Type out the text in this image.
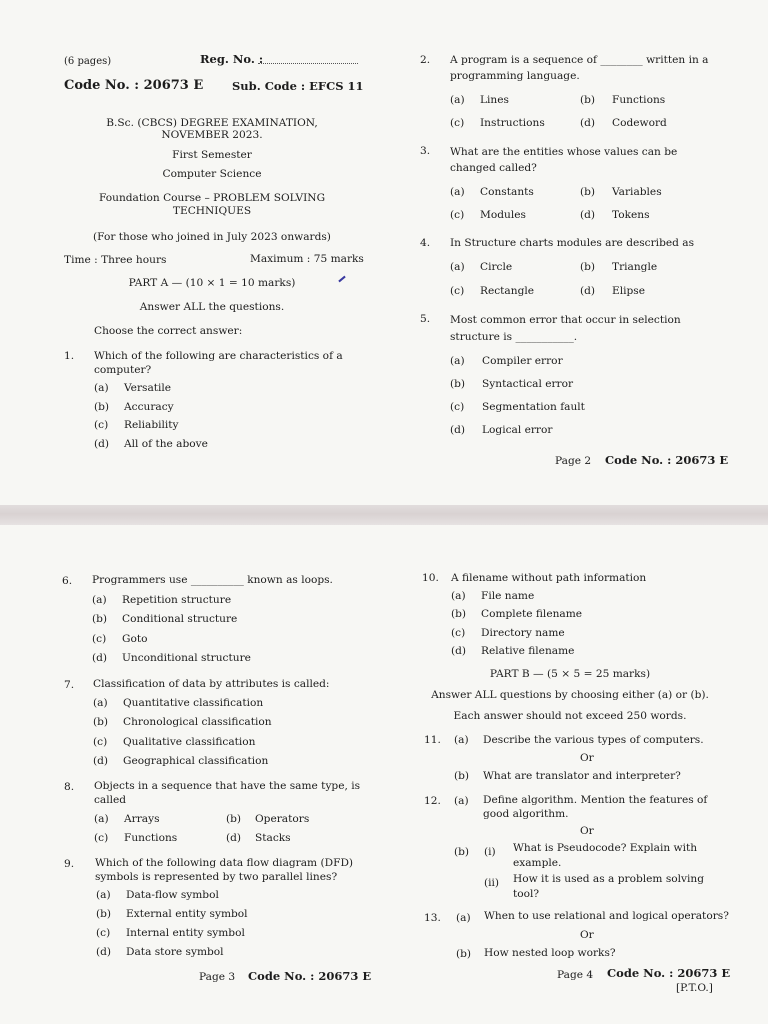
(6 pages)	Reg. No. :
Code No. : 20673 E Sub. Code : EFCS 11
B.Sc. (CBCS) DEGREE EXAMINATION,
NOVEMBER 2023.
First Semester
Computer Science
Foundation Course – PROBLEM SOLVING
TECHNIQUES
(For those who joined in July 2023 onwards)
Time : Three hours	Maximum : 75 marks
PART A — (10 × 1 = 10 marks)
Answer ALL the questions.
Choose the correct answer:
1. Which of the following are characteristics of a
computer?
(a) Versatile
(b) Accuracy
(c) Reliability
(d) All of the above
2. A program is a sequence of ________ written in a
programming language.
(a) Lines	(b) Functions
(c) Instructions	(d) Codeword
3. What are the entities whose values can be
changed called?
(a) Constants	(b) Variables
(c) Modules	(d) Tokens
4. In Structure charts modules are described as
(a) Circle	(b) Triangle
(c) Rectangle	(d) Elipse
5. Most common error that occur in selection
structure is ___________.
(a) Compiler error
(b) Syntactical error
(c) Segmentation fault
(d) Logical error
Page 2 Code No. : 20673 E
6. Programmers use __________ known as loops.
(a) Repetition structure
(b) Conditional structure
(c) Goto
(d) Unconditional structure
7. Classification of data by attributes is called:
(a) Quantitative classification
(b) Chronological classification
(c) Qualitative classification
(d) Geographical classification
8. Objects in a sequence that have the same type, is
called
(a) Arrays	(b) Operators
(c) Functions	(d) Stacks
9. Which of the following data flow diagram (DFD)
symbols is represented by two parallel lines?
(a) Data-flow symbol
(b) External entity symbol
(c) Internal entity symbol
(d) Data store symbol
Page 3 Code No. : 20673 E
10. A filename without path information
(a) File name
(b) Complete filename
(c) Directory name
(d) Relative filename
PART B — (5 × 5 = 25 marks)
Answer ALL questions by choosing either (a) or (b).
Each answer should not exceed 250 words.
11. (a) Describe the various types of computers.
Or
(b) What are translator and interpreter?
12. (a) Define algorithm. Mention the features of
good algorithm.
Or
(b) (i) What is Pseudocode? Explain with
example.
(ii) How it is used as a problem solving
tool?
13. (a) When to use relational and logical operators?
Or
(b) How nested loop works?
Page 4 Code No. : 20673 E
[P.T.O.]
